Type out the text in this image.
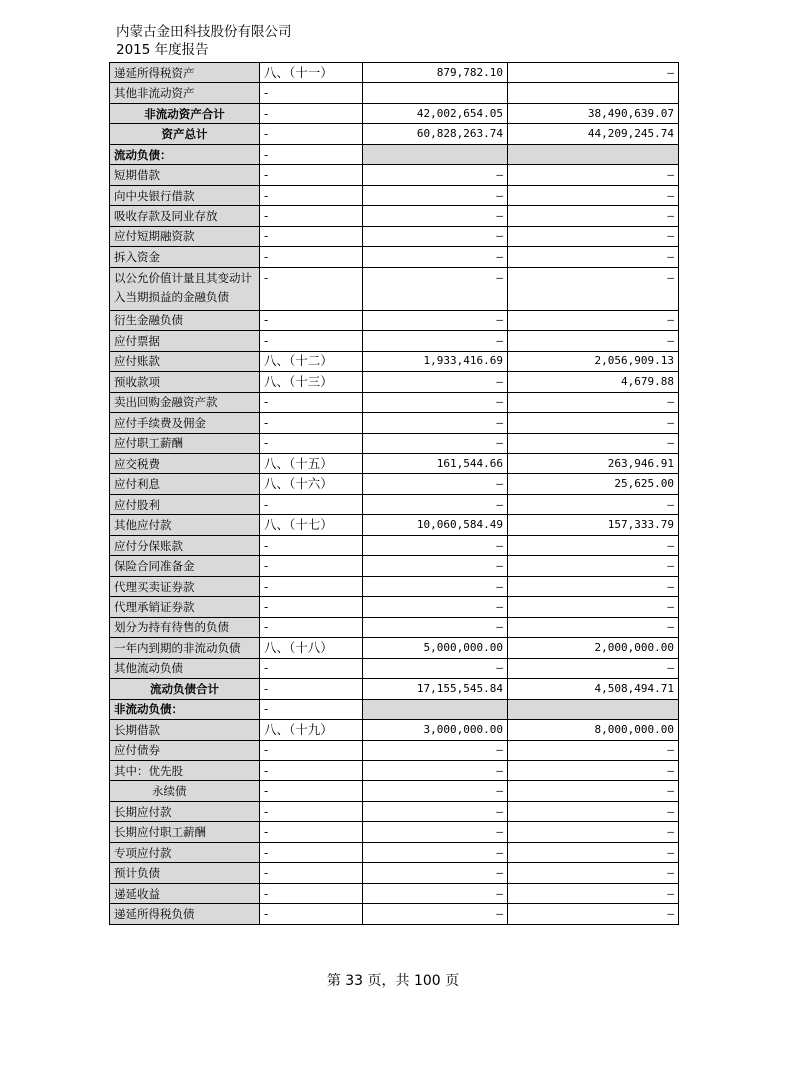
内蒙古金田科技股份有限公司
2015 年度报告
递延所得税资产	八、（十一）	879,782.10	–
其他非流动资产	-		
非流动资产合计	-	42,002,654.05	38,490,639.07
资产总计	-	60,828,263.74	44,209,245.74
流动负债：	-		
短期借款	-	–	–
向中央银行借款	-	–	–
吸收存款及同业存放	-	–	–
应付短期融资款	-	–	–
拆入资金	-	–	–
以公允价值计量且其变动计入当期损益的金融负债	-	–	–
衍生金融负债	-	–	–
应付票据	-	–	–
应付账款	八、（十二）	1,933,416.69	2,056,909.13
预收款项	八、（十三）	–	4,679.88
卖出回购金融资产款	-	–	–
应付手续费及佣金	-	–	–
应付职工薪酬	-	–	–
应交税费	八、（十五）	161,544.66	263,946.91
应付利息	八、（十六）	–	25,625.00
应付股利	-	–	–
其他应付款	八、（十七）	10,060,584.49	157,333.79
应付分保账款	-	–	–
保险合同准备金	-	–	–
代理买卖证券款	-	–	–
代理承销证券款	-	–	–
划分为持有待售的负债	-	–	–
一年内到期的非流动负债	八、（十八）	5,000,000.00	2,000,000.00
其他流动负债	-	–	–
流动负债合计	-	17,155,545.84	4,508,494.71
非流动负债：	-		
长期借款	八、（十九）	3,000,000.00	8,000,000.00
应付债券	-	–	–
其中：优先股	-	–	–
永续债	-	–	–
长期应付款	-	–	–
长期应付职工薪酬	-	–	–
专项应付款	-	–	–
预计负债	-	–	–
递延收益	-	–	–
递延所得税负债	-	–	–
第 33 页，共 100 页
